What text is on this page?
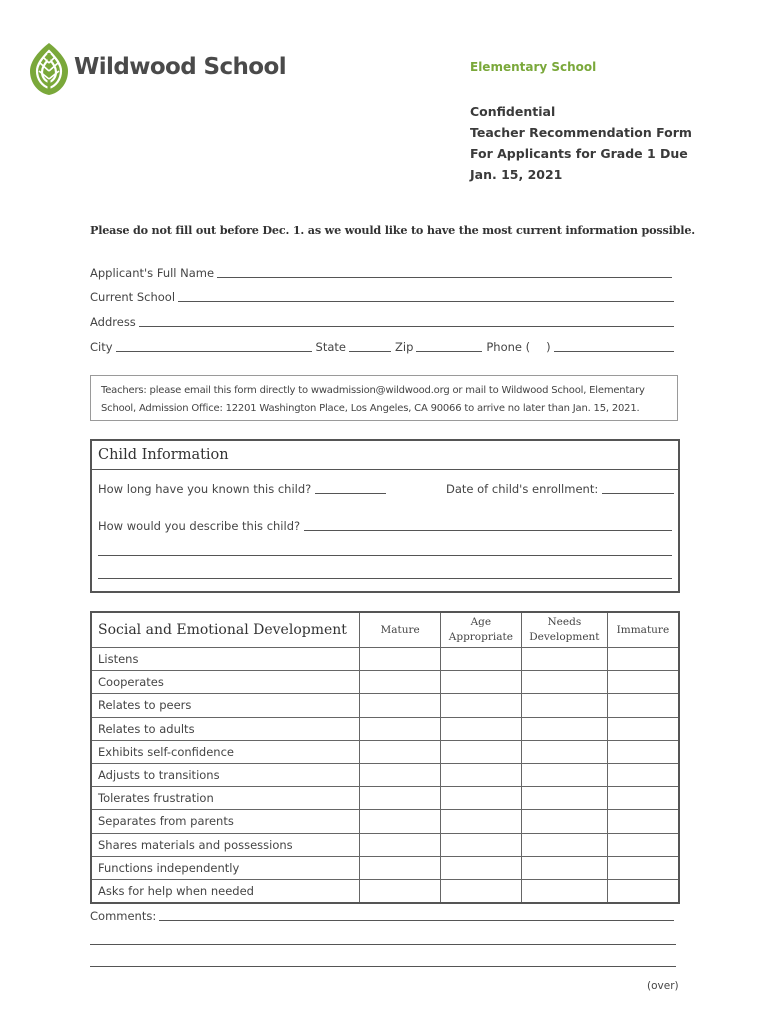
Wildwood School	Elementary School
Confidential
Teacher Recommendation Form
For Applicants for Grade 1 Due
Jan. 15, 2021
Please do not fill out before Dec. 1. as we would like to have the most current information possible.
Applicant's Full Name
Current School
Address
City	State	Zip	Phone ( )
Teachers: please email this form directly to wwadmission@wildwood.org or mail to Wildwood School, Elementary School, Admission Office: 12201 Washington Place, Los Angeles, CA 90066 to arrive no later than Jan. 15, 2021.
Child Information
How long have you known this child?	Date of child's enrollment:
How would you describe this child?
Social and Emotional Development	Mature	Age Appropriate	Needs Development	Immature
Listens				
Cooperates				
Relates to peers				
Relates to adults				
Exhibits self-confidence				
Adjusts to transitions				
Tolerates frustration				
Separates from parents				
Shares materials and possessions				
Functions independently				
Asks for help when needed				
Comments:
(over)
